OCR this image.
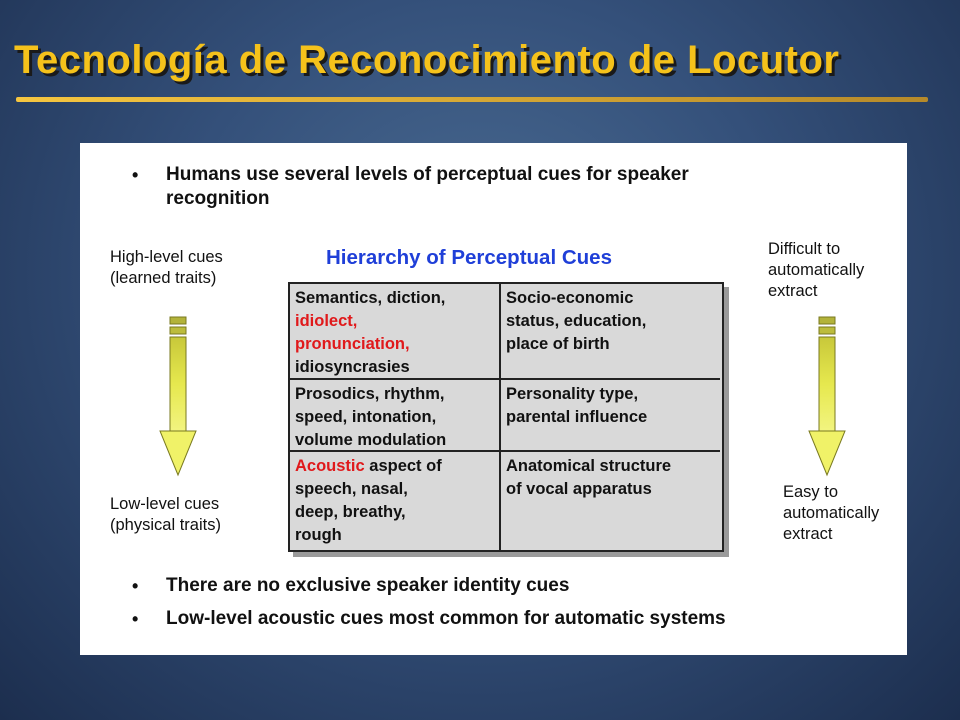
Tecnología de Reconocimiento de Locutor
• Humans use several levels of perceptual cues for speaker
recognition
High-level cues
(learned traits)
Low-level cues
(physical traits)
Difficult to
automatically
extract
Easy to
automatically
extract
Hierarchy of Perceptual Cues
Semantics, diction,
idiolect,
pronunciation,
idiosyncrasies
Socio-economic
status, education,
place of birth
Prosodics, rhythm,
speed, intonation,
volume modulation
Personality type,
parental influence
Acoustic aspect of
speech, nasal,
deep, breathy,
rough
Anatomical structure
of vocal apparatus
• There are no exclusive speaker identity cues
• Low-level acoustic cues most common for automatic systems
